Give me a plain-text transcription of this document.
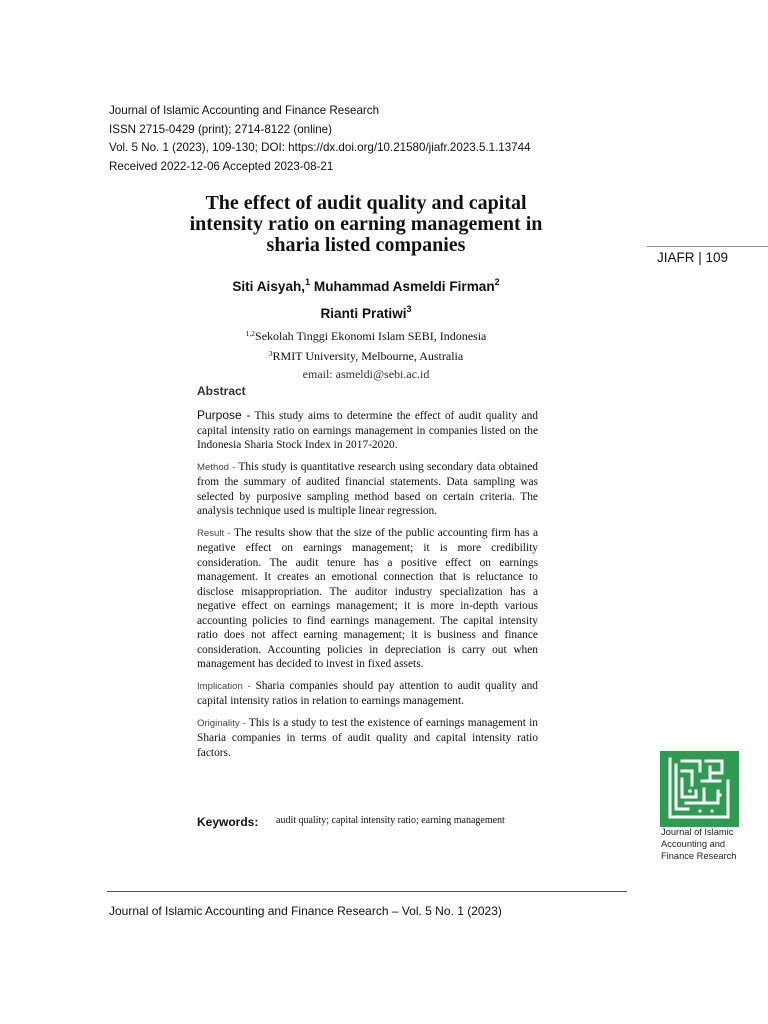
Journal of Islamic Accounting and Finance Research
ISSN 2715-0429 (print); 2714-8122 (online)
Vol. 5 No. 1 (2023), 109-130; DOI: https://dx.doi.org/10.21580/jiafr.2023.5.1.13744
Received 2022-12-06 Accepted 2023-08-21
The effect of audit quality and capital
intensity ratio on earning management in
sharia listed companies
JIAFR | 109
Siti Aisyah,$^1$ Muhammad Asmeldi Firman$^2$
Rianti Pratiwi$^3$
$^{1,2}$Sekolah Tinggi Ekonomi Islam SEBI, Indonesia
$^3$RMIT University, Melbourne, Australia
email: asmeldi@sebi.ac.id
Abstract

Purpose - This study aims to determine the effect of audit quality and capital intensity ratio on earnings management in companies listed on the Indonesia Sharia Stock Index in 2017-2020.

Method - This study is quantitative research using secondary data obtained from the summary of audited financial statements. Data sampling was selected by purposive sampling method based on certain criteria. The analysis technique used is multiple linear regression.

Result - The results show that the size of the public accounting firm has a negative effect on earnings management; it is more credibility consideration. The audit tenure has a positive effect on earnings management. It creates an emotional connection that is reluctance to disclose misappropriation. The auditor industry specialization has a negative effect on earnings management; it is more in-depth various accounting policies to find earnings management. The capital intensity ratio does not affect earning management; it is business and finance consideration. Accounting policies in depreciation is carry out when management has decided to invest in fixed assets.

Implication - Sharia companies should pay attention to audit quality and capital intensity ratios in relation to earnings management.

Originality - This is a study to test the existence of earnings management in Sharia companies in terms of audit quality and capital intensity ratio factors.

Keywords: audit quality; capital intensity ratio; earning management
Journal of Islamic
Accounting and
Finance Research
Journal of Islamic Accounting and Finance Research – Vol. 5 No. 1 (2023)
